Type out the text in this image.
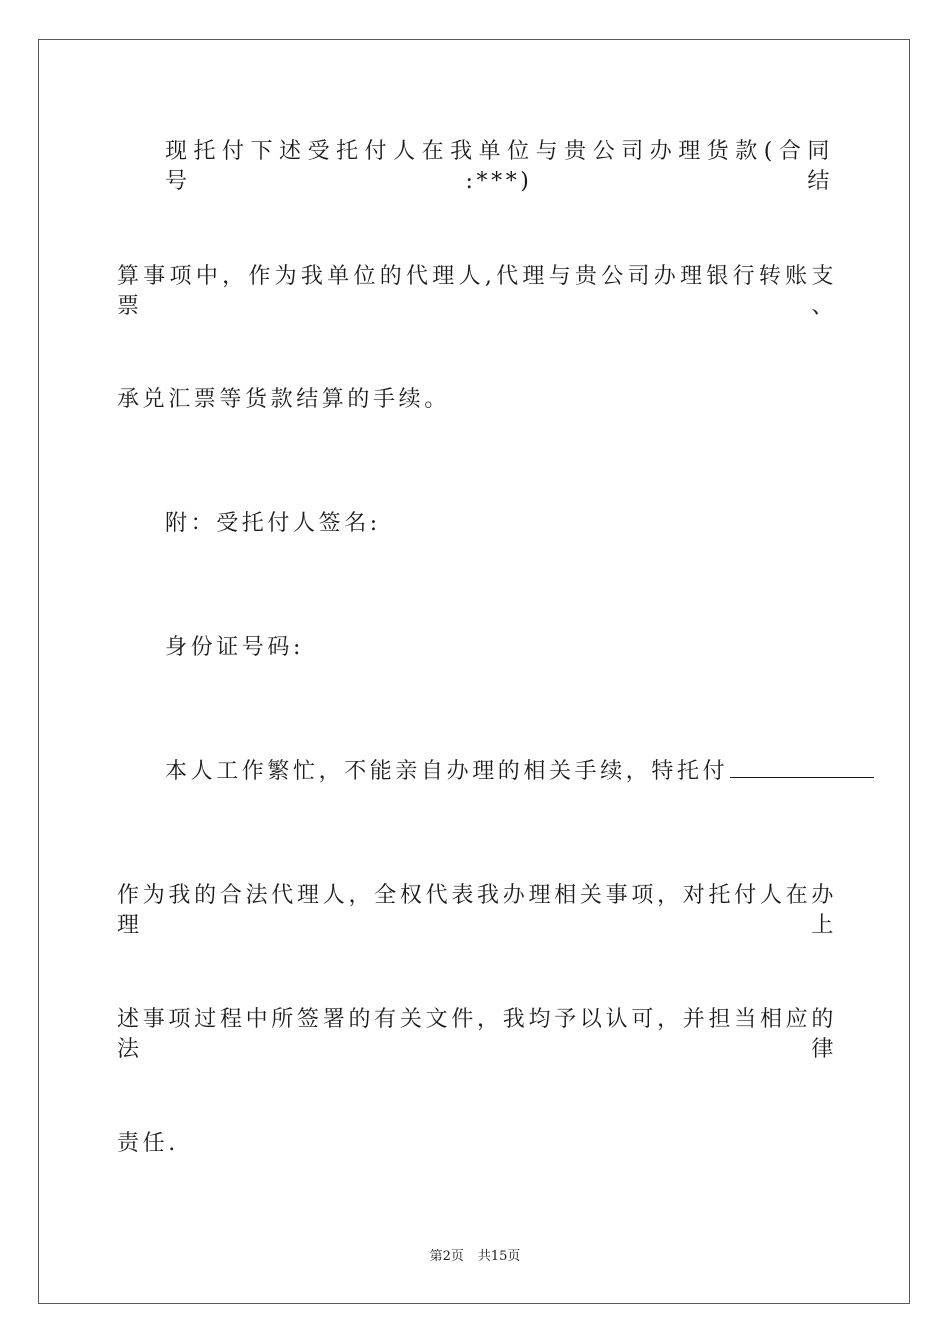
现托付下述受托付人在我单位与贵公司办理货款(合同号:***)结
算事项中，作为我单位的代理人,代理与贵公司办理银行转账支票、
承兑汇票等货款结算的手续。
附：受托付人签名:
身份证号码:
本人工作繁忙，不能亲自办理的相关手续，特托付
作为我的合法代理人，全权代表我办理相关事项，对托付人在办理上
述事项过程中所签署的有关文件，我均予以认可，并担当相应的法律
责任.
第2页 共15页
